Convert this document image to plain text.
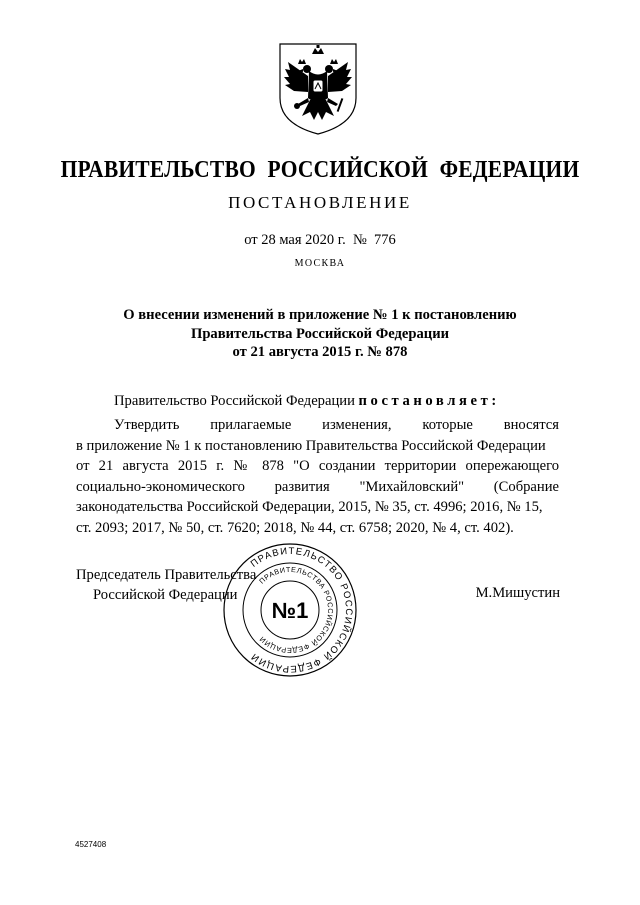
ПРАВИТЕЛЬСТВО РОССИЙСКОЙ ФЕДЕРАЦИИ
ПОСТАНОВЛЕНИЕ
от 28 мая 2020 г.  №  776
МОСКВА
О внесении изменений в приложение № 1 к постановлению
Правительства Российской Федерации
от 21 августа 2015 г. № 878
Правительство Российской Федерации постановляет:
Утвердить прилагаемые изменения, которые вносятся
в приложение № 1 к постановлению Правительства Российской Федерации
от 21 августа 2015 г. № 878 "О создании территории опережающего
социально-экономического развития "Михайловский" (Собрание
законодательства Российской Федерации, 2015, № 35, ст. 4996; 2016, № 15,
ст. 2093; 2017, № 50, ст. 7620; 2018, № 44, ст. 6758; 2020, № 4, ст. 402).
Председатель Правительства
Российской Федерации	М.Мишустин
ПРАВИТЕЛЬСТВО РОССИЙСКОЙ ФЕДЕРАЦИИ
ПРАВИТЕЛЬСТВА РОССИЙСКОЙ ФЕДЕРАЦИИ
№1
4527408
